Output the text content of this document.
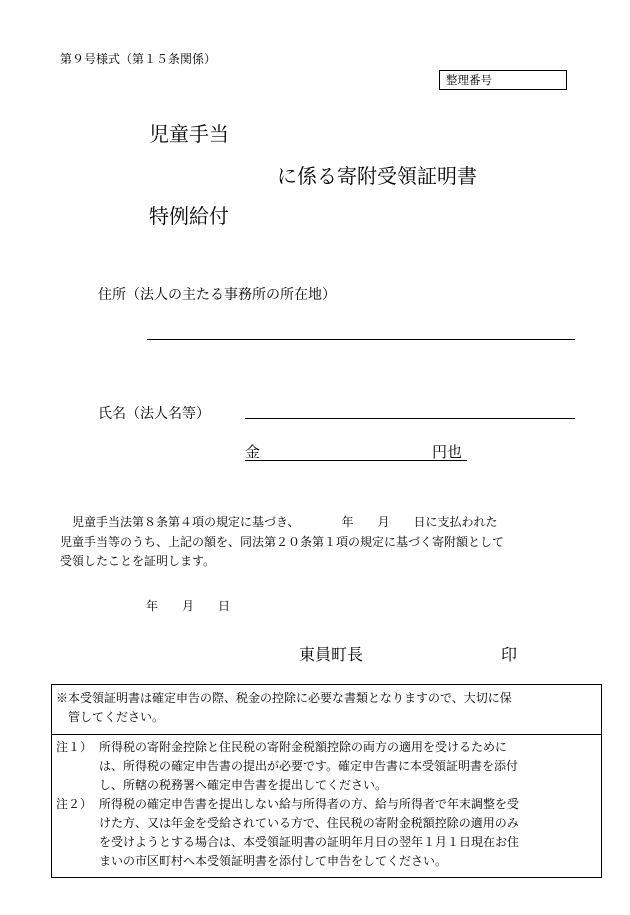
第９号様式（第１５条関係）
整理番号
児童手当
に係る寄附受領証明書
特例給付
住所（法人の主たる事務所の所在地）
氏名（法人名等）
金	円也

児童手当法第８条第４項の規定に基づき、　　　　年　　月　　日に支払われた

児童手当等のうち、上記の額を、同法第２０条第１項の規定に基づく寄附額として

受領したことを証明します。

年 月 日
東員町長	印
※本受領証明書は確定申告の際、税金の控除に必要な書類となりますので、大切に保
管してください。
注１） 所得税の寄附金控除と住民税の寄附金税額控除の両方の適用を受けるために
は、所得税の確定申告書の提出が必要です。確定申告書に本受領証明書を添付
し、所轄の税務署へ確定申告書を提出してください。
注２） 所得税の確定申告書を提出しない給与所得者の方、給与所得者で年末調整を受
けた方、又は年金を受給されている方で、住民税の寄附金税額控除の適用のみ
を受けようとする場合は、本受領証明書の証明年月日の翌年１月１日現在お住
まいの市区町村へ本受領証明書を添付して申告をしてください。
